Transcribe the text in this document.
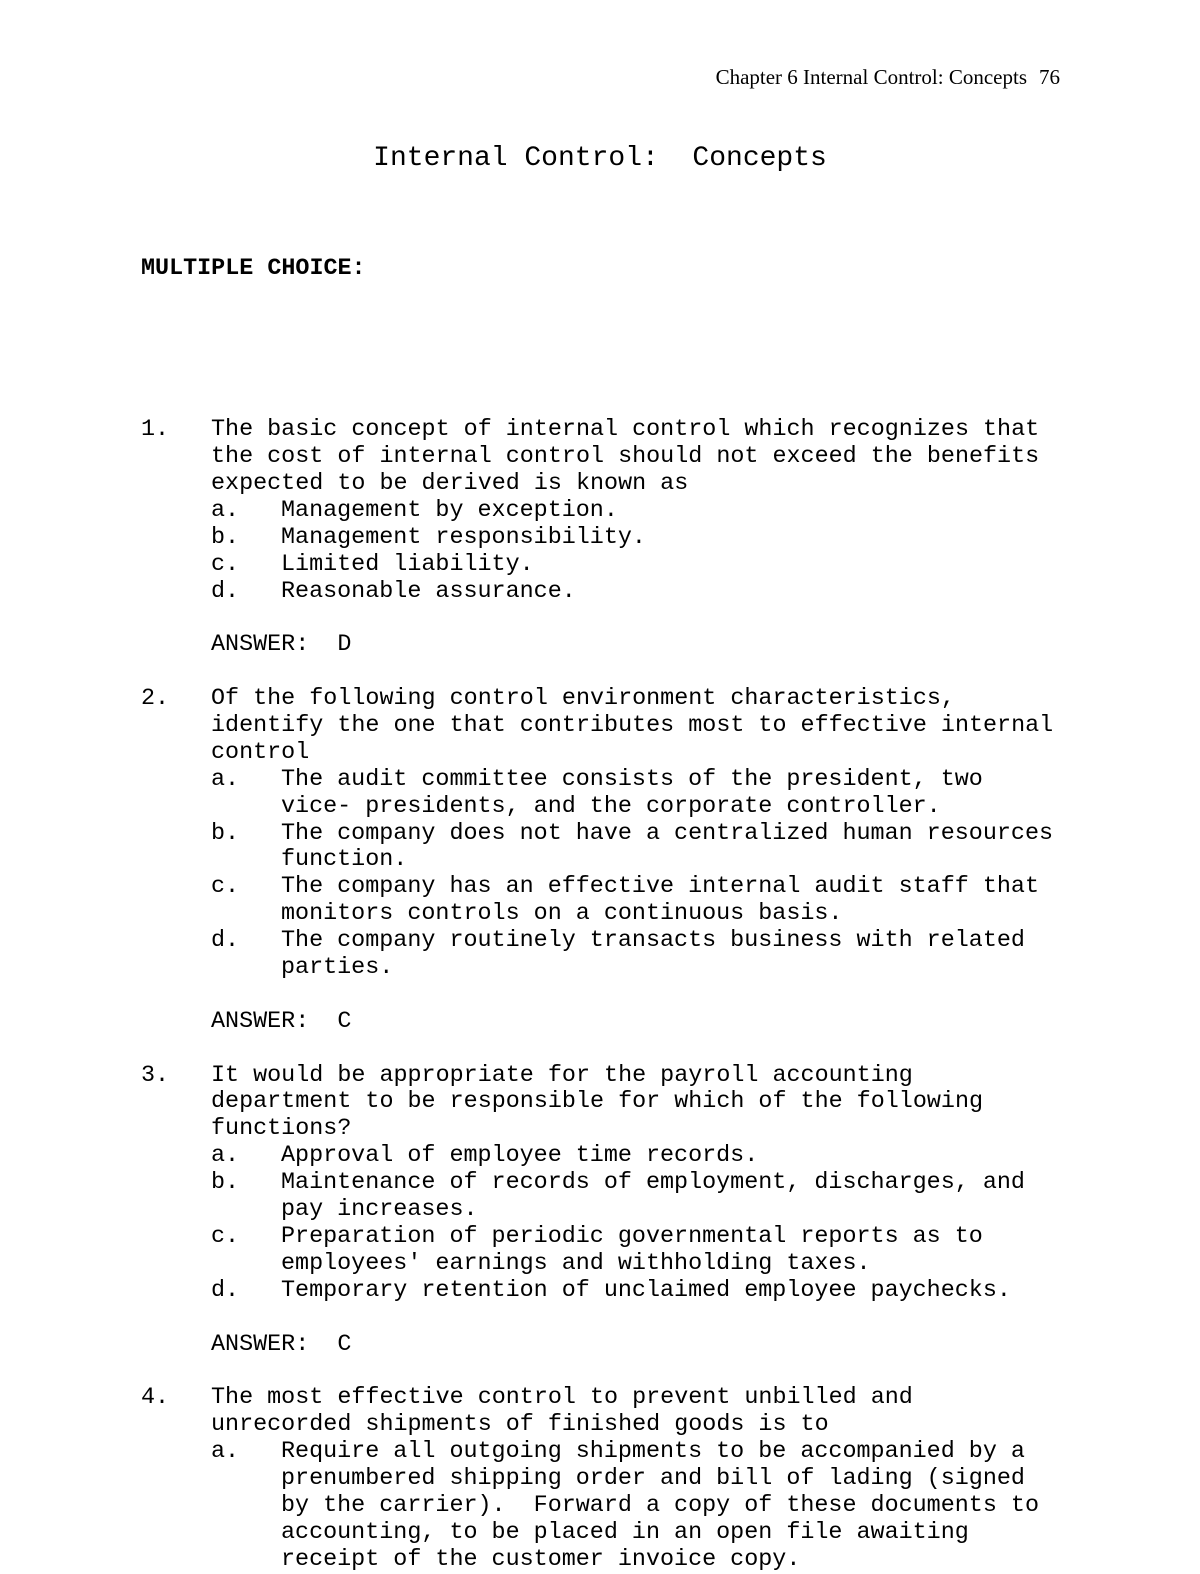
Chapter 6 Internal Control: Concepts 76
Internal Control:  Concepts

MULTIPLE CHOICE:

1. The basic concept of internal control which recognizes that
the cost of internal control should not exceed the benefits
expected to be derived is known as
a. Management by exception.
b. Management responsibility.
c. Limited liability.
d. Reasonable assurance.
ANSWER: D
2. Of the following control environment characteristics,
identify the one that contributes most to effective internal
control
a. The audit committee consists of the president, two
vice- presidents, and the corporate controller.
b. The company does not have a centralized human resources
function.
c. The company has an effective internal audit staff that
monitors controls on a continuous basis.
d. The company routinely transacts business with related
parties.
ANSWER: C
3. It would be appropriate for the payroll accounting
department to be responsible for which of the following
functions?
a. Approval of employee time records.
b. Maintenance of records of employment, discharges, and
pay increases.
c. Preparation of periodic governmental reports as to
employees' earnings and withholding taxes.
d. Temporary retention of unclaimed employee paychecks.
ANSWER: C
4. The most effective control to prevent unbilled and
unrecorded shipments of finished goods is to
a. Require all outgoing shipments to be accompanied by a
prenumbered shipping order and bill of lading (signed
by the carrier).  Forward a copy of these documents to
accounting, to be placed in an open file awaiting
receipt of the customer invoice copy.
